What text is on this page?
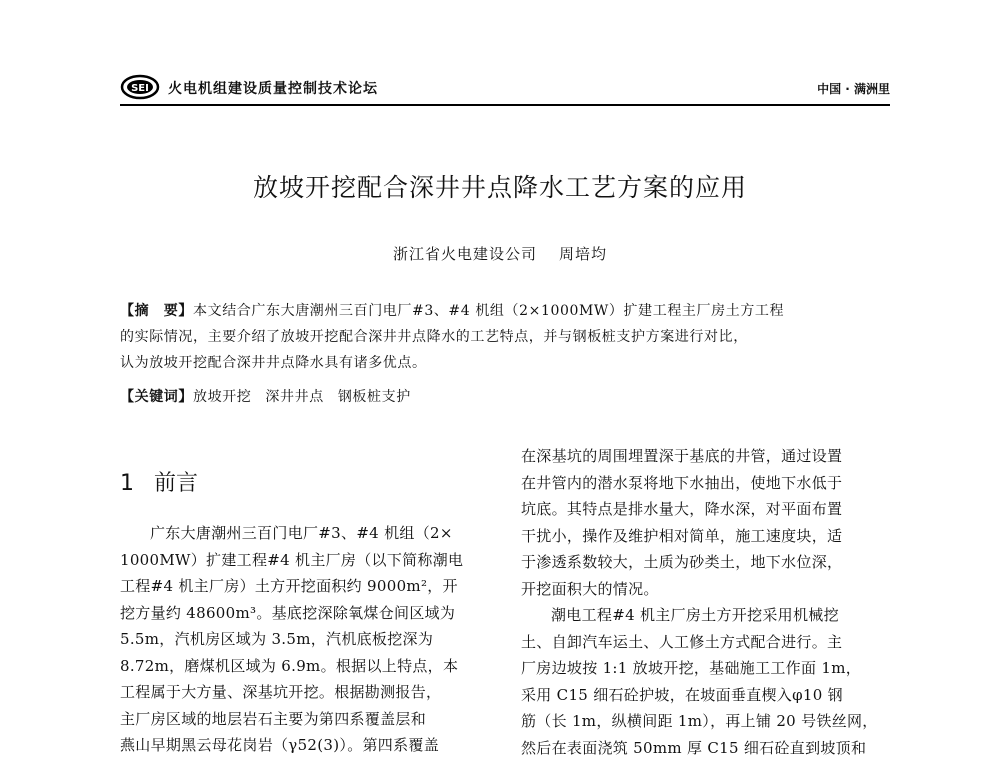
SEI 火电机组建设质量控制技术论坛	中国 · 满洲里
放坡开挖配合深井井点降水工艺方案的应用
浙江省火电建设公司 周培均

【摘　要】本文结合广东大唐潮州三百门电厂#3、#4 机组（2×1000MW）扩建工程主厂房土方工程

的实际情况，主要介绍了放坡开挖配合深井井点降水的工艺特点，并与钢板桩支护方案进行对比，

认为放坡开挖配合深井井点降水具有诸多优点。

【关键词】放坡开挖 深井井点 钢板桩支护
1 前言

广东大唐潮州三百门电厂#3、#4 机组（2×

1000MW）扩建工程#4 机主厂房（以下简称潮电

工程#4 机主厂房）土方开挖面积约 9000m²，开

挖方量约 48600m³。基底挖深除氧煤仓间区域为

5.5m，汽机房区域为 3.5m，汽机底板挖深为

8.72m，磨煤机区域为 6.9m。根据以上特点，本

工程属于大方量、深基坑开挖。根据勘测报告，

主厂房区域的地层岩石主要为第四系覆盖层和

燕山早期黑云母花岗岩（γ52(3)）。第四系覆盖

在深基坑的周围埋置深于基底的井管，通过设置

在井管内的潜水泵将地下水抽出，使地下水低于

坑底。其特点是排水量大，降水深，对平面布置

干扰小，操作及维护相对简单，施工速度块，适

于渗透系数较大，土质为砂类土，地下水位深，

开挖面积大的情况。

潮电工程#4 机主厂房土方开挖采用机械挖

土、自卸汽车运土、人工修土方式配合进行。主

厂房边坡按 1:1 放坡开挖，基础施工工作面 1m，

采用 C15 细石砼护坡，在坡面垂直楔入φ10 钢

筋（长 1m，纵横间距 1m），再上铺 20 号铁丝网，

然后在表面浇筑 50mm 厚 C15 细石砼直到坡顶和
